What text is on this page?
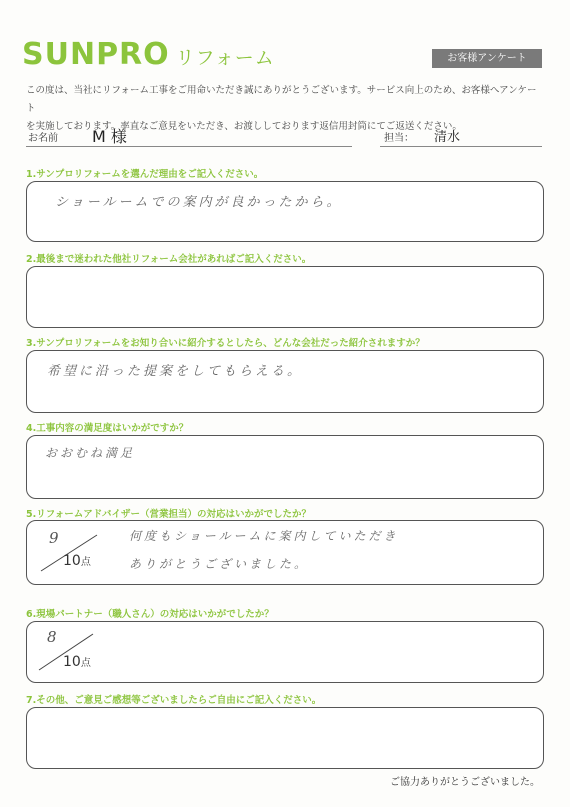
SUNPRO リフォーム	お客様アンケート
この度は、当社にリフォーム工事をご用命いただき誠にありがとうございます。サービス向上のため、お客様へアンケート
を実施しております。率直なご意見をいただき、お渡ししております返信用封筒にてご返送ください。
お名前 M 様	担当： 清水
1.サンプロリフォームを選んだ理由をご記入ください。
ショールームでの案内が良かったから。
2.最後まで迷われた他社リフォーム会社があればご記入ください。
3.サンプロリフォームをお知り合いに紹介するとしたら、どんな会社だった紹介されますか？
希望に沿った提案をしてもらえる。
4.工事内容の満足度はいかがですか？
おおむね満足
5.リフォームアドバイザー（営業担当）の対応はいかがでしたか？
9
10点
何度もショールームに案内していただき
ありがとうございました。
6.現場パートナー（職人さん）の対応はいかがでしたか？
8
10点
7.その他、ご意見ご感想等ございましたらご自由にご記入ください。
ご協力ありがとうございました。
